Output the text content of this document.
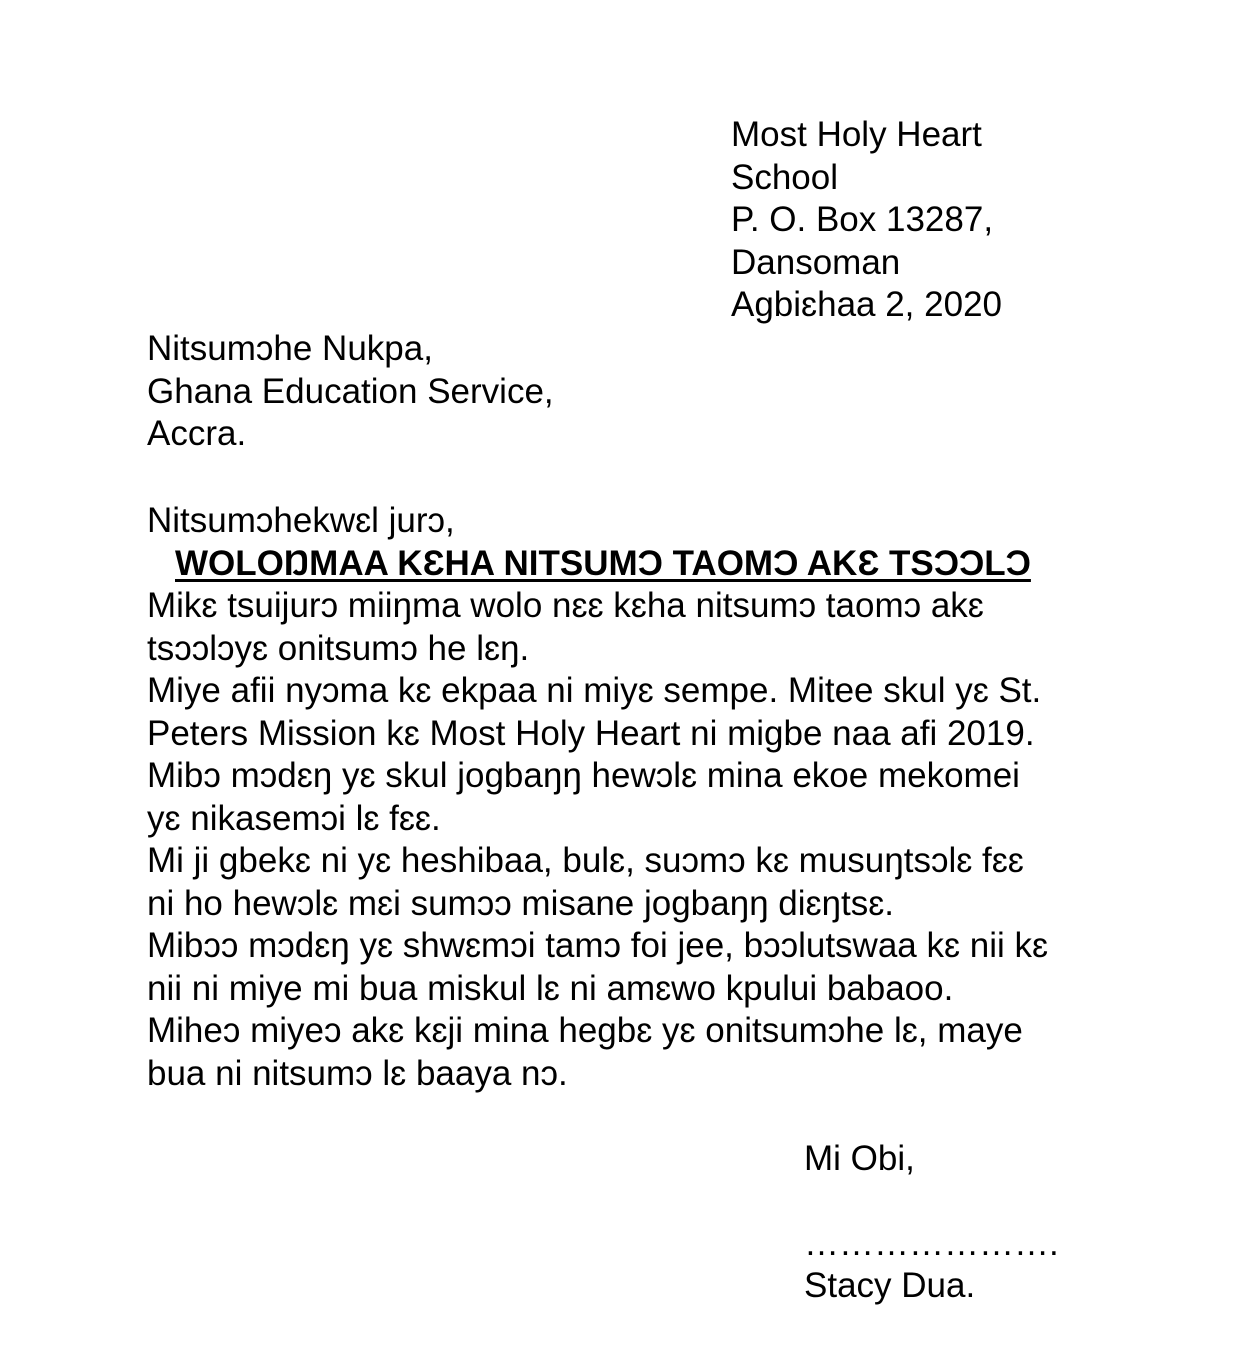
Most Holy Heart
School
P. O. Box 13287,
Dansoman
Agbiɛhaa 2, 2020
Nitsumɔhe Nukpa,
Ghana Education Service,
Accra.
Nitsumɔhekwɛl jurɔ,
WOLOŊMAA KƐHA NITSUMƆ TAOMƆ AKƐ TSƆƆLƆ
Mikɛ tsuijurɔ miiŋma wolo nɛɛ kɛha nitsumɔ taomɔ akɛ
tsɔɔlɔyɛ onitsumɔ he lɛŋ.
Miye afii nyɔma kɛ ekpaa ni miyɛ sempe. Mitee skul yɛ St.
Peters Mission kɛ Most Holy Heart ni migbe naa afi 2019.
Mibɔ mɔdɛŋ yɛ skul jogbaŋŋ hewɔlɛ mina ekoe mekomei
yɛ nikasemɔi lɛ fɛɛ.
Mi ji gbekɛ ni yɛ heshibaa, bulɛ, suɔmɔ kɛ musuŋtsɔlɛ fɛɛ
ni ho hewɔlɛ mɛi sumɔɔ misane jogbaŋŋ diɛŋtsɛ.
Mibɔɔ mɔdɛŋ yɛ shwɛmɔi tamɔ foi jee, bɔɔlutswaa kɛ nii kɛ
nii ni miye mi bua miskul lɛ ni amɛwo kpului babaoo.
Miheɔ miyeɔ akɛ kɛji mina hegbɛ yɛ onitsumɔhe lɛ, maye
bua ni nitsumɔ lɛ baaya nɔ.
Mi Obi,
………………….
Stacy Dua.
